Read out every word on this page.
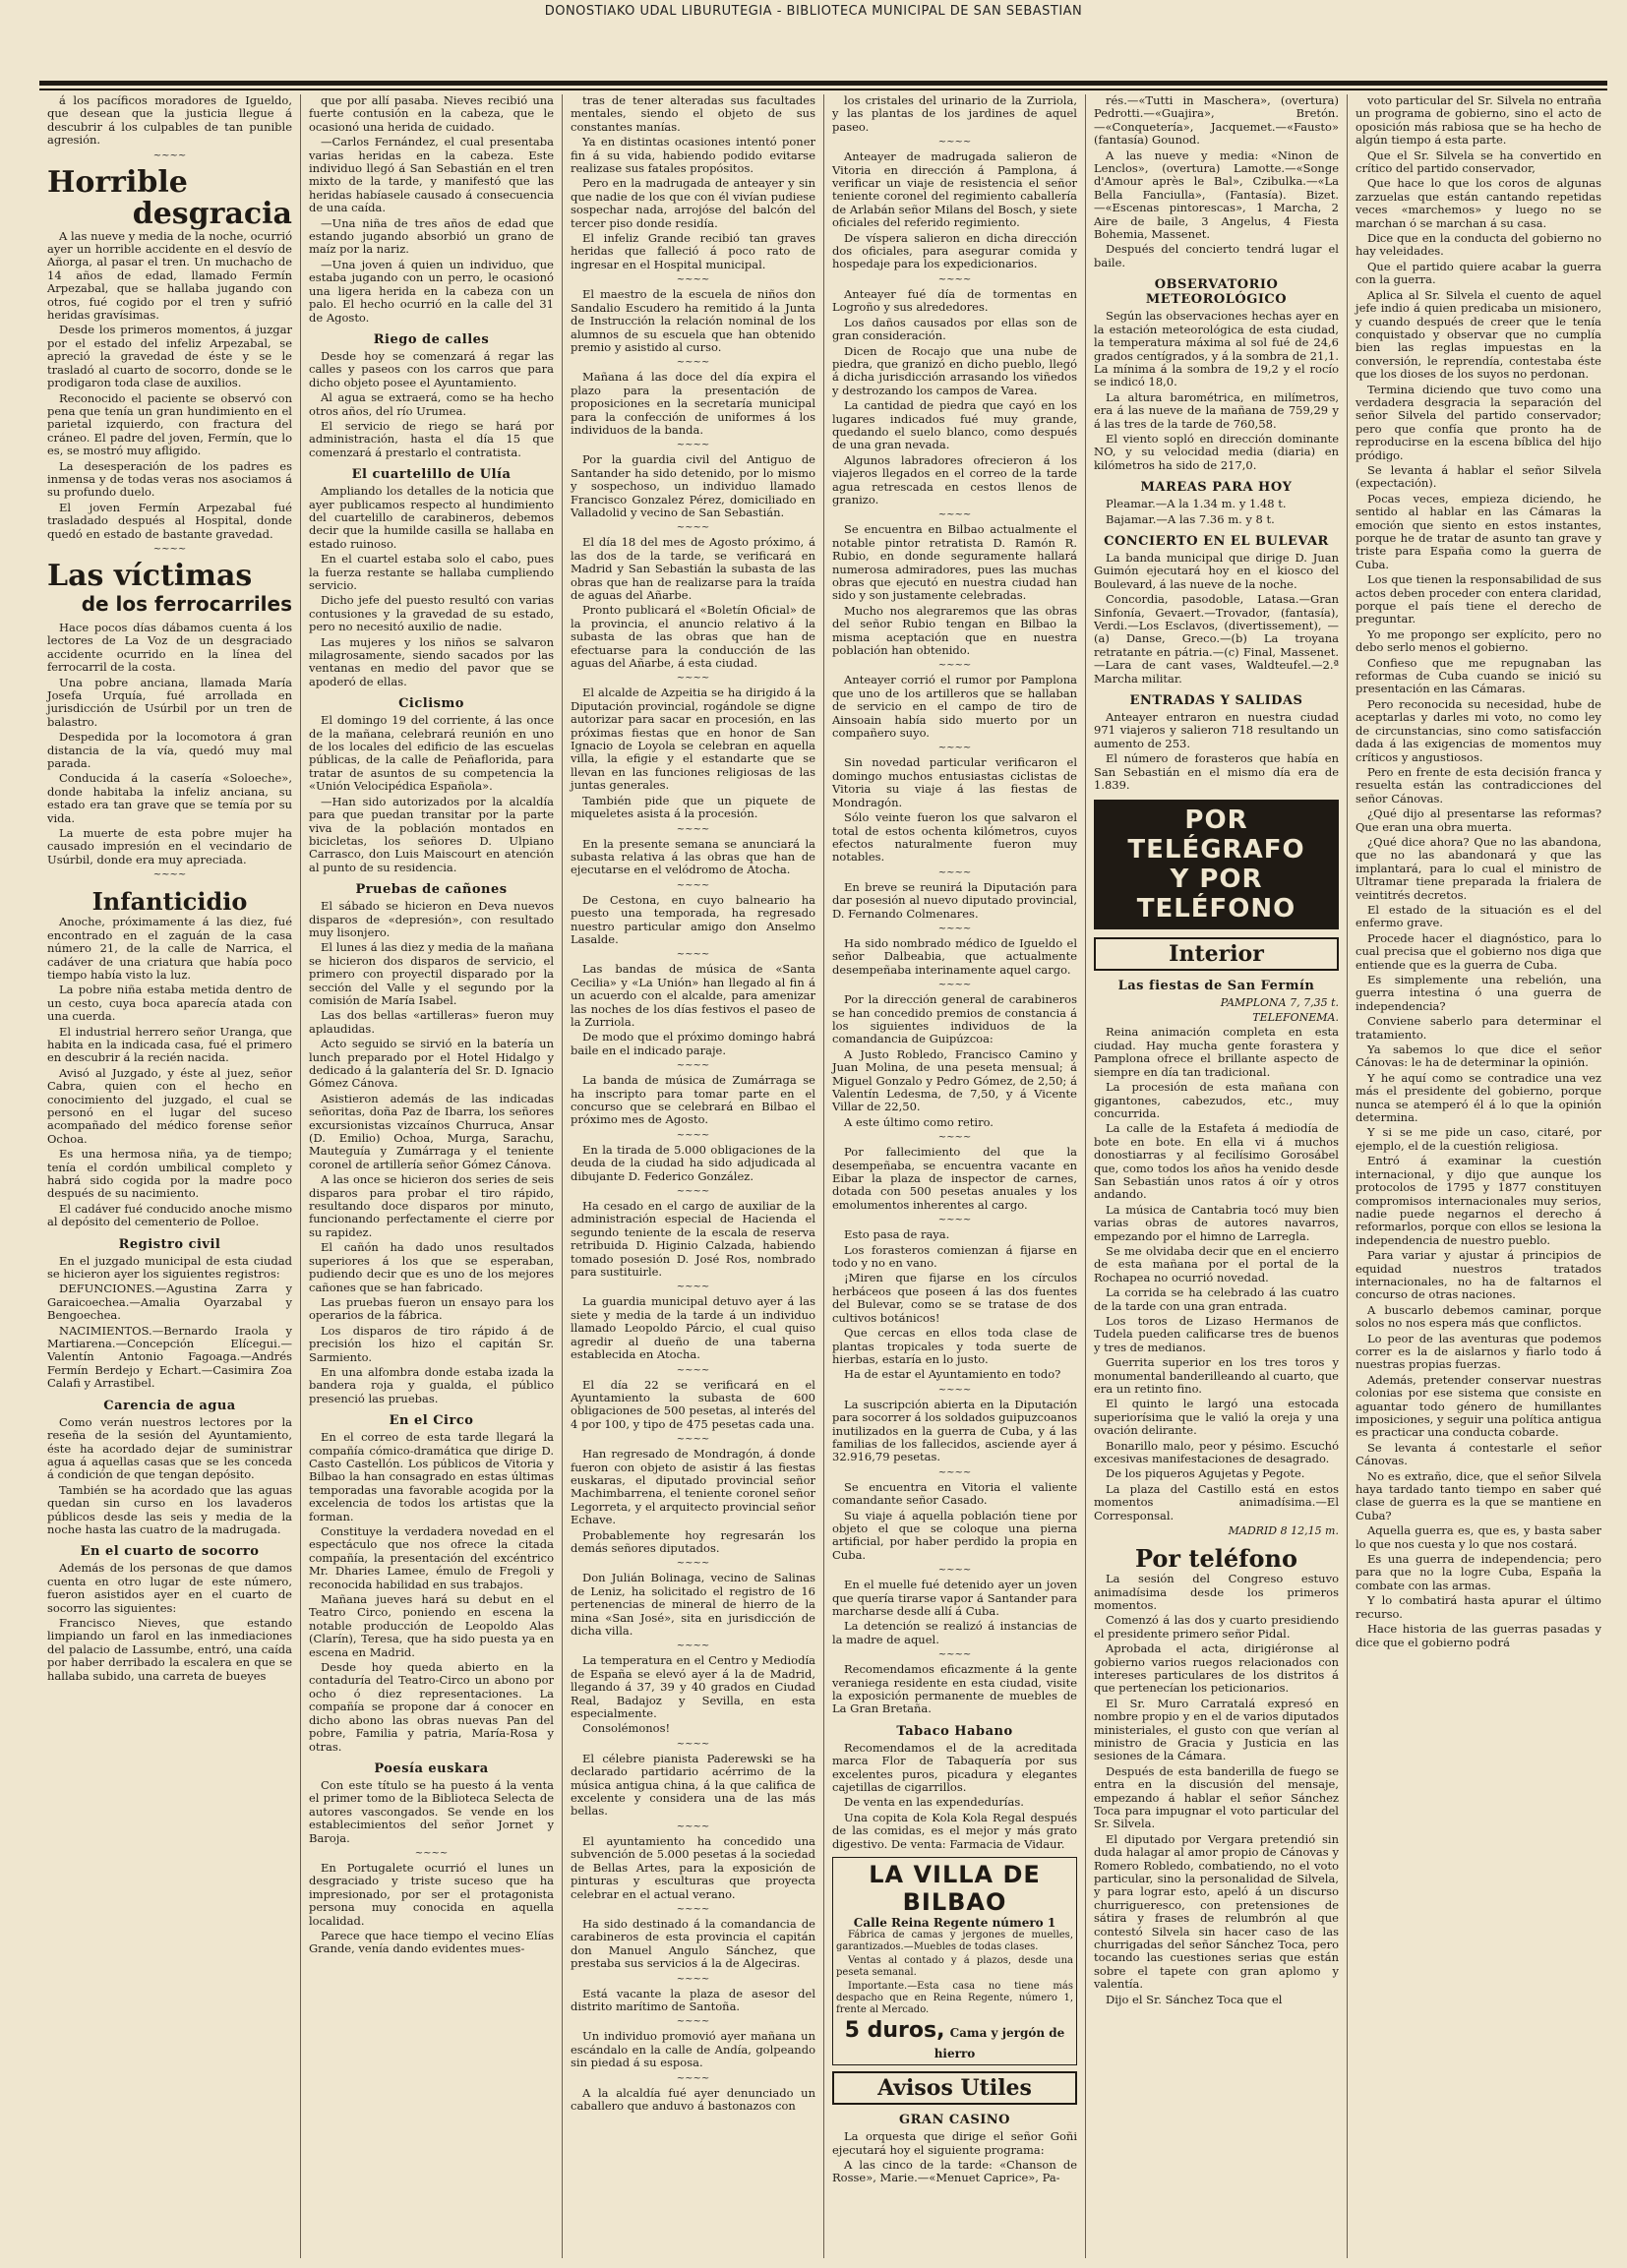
DONOSTIAKO UDAL LIBURUTEGIA - BIBLIOTECA MUNICIPAL DE SAN SEBASTIAN

á los pacíficos moradores de Igueldo, que desean que la justicia llegue á descubrir á los culpables de tan punible agresión.

~~~~
Horrible
desgracia

A las nueve y media de la noche, ocurrió ayer un horrible accidente en el desvío de Añorga, al pasar el tren. Un muchacho de 14 años de edad, llamado Fermín Arpezabal, que se hallaba jugando con otros, fué cogido por el tren y sufrió heridas gravísimas.

Desde los primeros momentos, á juzgar por el estado del infeliz Arpezabal, se apreció la gravedad de éste y se le trasladó al cuarto de socorro, donde se le prodigaron toda clase de auxilios.

Reconocido el paciente se observó con pena que tenía un gran hundimiento en el parietal izquierdo, con fractura del cráneo. El padre del joven, Fermín, que lo es, se mostró muy afligido.

La desesperación de los padres es inmensa y de todas veras nos asociamos á su profundo duelo.

El joven Fermín Arpezabal fué trasladado después al Hospital, donde quedó en estado de bastante gravedad.

~~~~
Las víctimas
de los ferrocarriles

Hace pocos días dábamos cuenta á los lectores de La Voz de un desgraciado accidente ocurrido en la línea del ferrocarril de la costa.

Una pobre anciana, llamada María Josefa Urquía, fué arrollada en jurisdicción de Usúrbil por un tren de balastro.

Despedida por la locomotora á gran distancia de la vía, quedó muy mal parada.

Conducida á la casería «Soloeche», donde habitaba la infeliz anciana, su estado era tan grave que se temía por su vida.

La muerte de esta pobre mujer ha causado impresión en el vecindario de Usúrbil, donde era muy apreciada.

~~~~
Infanticidio

Anoche, próximamente á las diez, fué encontrado en el zaguán de la casa número 21, de la calle de Narrica, el cadáver de una criatura que había poco tiempo había visto la luz.

La pobre niña estaba metida dentro de un cesto, cuya boca aparecía atada con una cuerda.

El industrial herrero señor Uranga, que habita en la indicada casa, fué el primero en descubrir á la recién nacida.

Avisó al Juzgado, y éste al juez, señor Cabra, quien con el hecho en conocimiento del juzgado, el cual se personó en el lugar del suceso acompañado del médico forense señor Ochoa.

Es una hermosa niña, ya de tiempo; tenía el cordón umbilical completo y habrá sido cogida por la madre poco después de su nacimiento.

El cadáver fué conducido anoche mismo al depósito del cementerio de Polloe.

Registro civil

En el juzgado municipal de esta ciudad se hicieron ayer los siguientes registros:

DEFUNCIONES.—Agustina Zarra y Garaicoechea.—Amalia Oyarzabal y Bengoechea.

NACIMIENTOS.—Bernardo Iraola y Martiarena.—Concepción Elícegui.—Valentín Antonio Fagoaga.—Andrés Fermín Berdejo y Echart.—Casimira Zoa Calafi y Arrastibel.

Carencia de agua

Como verán nuestros lectores por la reseña de la sesión del Ayuntamiento, éste ha acordado dejar de suministrar agua á aquellas casas que se les conceda á condición de que tengan depósito.

También se ha acordado que las aguas quedan sin curso en los lavaderos públicos desde las seis y media de la noche hasta las cuatro de la madrugada.

En el cuarto de socorro

Además de los personas de que damos cuenta en otro lugar de este número, fueron asistidos ayer en el cuarto de socorro las siguientes:

Francisco Nieves, que estando limpiando un farol en las inmediaciones del palacio de Lassumbe, entró, una caída por haber derribado la escalera en que se hallaba subido, una carreta de bueyes

que por allí pasaba. Nieves recibió una fuerte contusión en la cabeza, que le ocasionó una herida de cuidado.

—Carlos Fernández, el cual presentaba varias heridas en la cabeza. Este individuo llegó á San Sebastián en el tren mixto de la tarde, y manifestó que las heridas habíasele causado á consecuencia de una caída.

—Una niña de tres años de edad que estando jugando absorbió un grano de maíz por la nariz.

—Una joven á quien un individuo, que estaba jugando con un perro, le ocasionó una ligera herida en la cabeza con un palo. El hecho ocurrió en la calle del 31 de Agosto.

Riego de calles

Desde hoy se comenzará á regar las calles y paseos con los carros que para dicho objeto posee el Ayuntamiento.

Al agua se extraerá, como se ha hecho otros años, del río Urumea.

El servicio de riego se hará por administración, hasta el día 15 que comenzará á prestarlo el contratista.

El cuartelillo de Ulía

Ampliando los detalles de la noticia que ayer publicamos respecto al hundimiento del cuartelillo de carabineros, debemos decir que la humilde casilla se hallaba en estado ruinoso.

En el cuartel estaba solo el cabo, pues la fuerza restante se hallaba cumpliendo servicio.

Dicho jefe del puesto resultó con varias contusiones y la gravedad de su estado, pero no necesitó auxilio de nadie.

Las mujeres y los niños se salvaron milagrosamente, siendo sacados por las ventanas en medio del pavor que se apoderó de ellas.

Ciclismo

El domingo 19 del corriente, á las once de la mañana, celebrará reunión en uno de los locales del edificio de las escuelas públicas, de la calle de Peñaflorida, para tratar de asuntos de su competencia la «Unión Velocipédica Española».

—Han sido autorizados por la alcaldía para que puedan transitar por la parte viva de la población montados en bicicletas, los señores D. Ulpiano Carrasco, don Luis Maiscourt en atención al punto de su residencia.

Pruebas de cañones

El sábado se hicieron en Deva nuevos disparos de «depresión», con resultado muy lisonjero.

El lunes á las diez y media de la mañana se hicieron dos disparos de servicio, el primero con proyectil disparado por la sección del Valle y el segundo por la comisión de María Isabel.

Las dos bellas «artilleras» fueron muy aplaudidas.

Acto seguido se sirvió en la batería un lunch preparado por el Hotel Hidalgo y dedicado á la galantería del Sr. D. Ignacio Gómez Cánova.

Asistieron además de las indicadas señoritas, doña Paz de Ibarra, los señores excursionistas vizcaínos Churruca, Ansar (D. Emilio) Ochoa, Murga, Sarachu, Mauteguía y Zumárraga y el teniente coronel de artillería señor Gómez Cánova.

A las once se hicieron dos series de seis disparos para probar el tiro rápido, resultando doce disparos por minuto, funcionando perfectamente el cierre por su rapidez.

El cañón ha dado unos resultados superiores á los que se esperaban, pudiendo decir que es uno de los mejores cañones que se han fabricado.

Las pruebas fueron un ensayo para los operarios de la fábrica.

Los disparos de tiro rápido á de precisión los hizo el capitán Sr. Sarmiento.

En una alfombra donde estaba izada la bandera roja y gualda, el público presenció las pruebas.

En el Circo

En el correo de esta tarde llegará la compañía cómico-dramática que dirige D. Casto Castellón. Los públicos de Vitoria y Bilbao la han consagrado en estas últimas temporadas una favorable acogida por la excelencia de todos los artistas que la forman.

Constituye la verdadera novedad en el espectáculo que nos ofrece la citada compañía, la presentación del excéntrico Mr. Dharies Lamee, émulo de Fregoli y reconocida habilidad en sus trabajos.

Mañana jueves hará su debut en el Teatro Circo, poniendo en escena la notable producción de Leopoldo Alas (Clarín), Teresa, que ha sido puesta ya en escena en Madrid.

Desde hoy queda abierto en la contaduría del Teatro-Circo un abono por ocho ó diez representaciones. La compañía se propone dar á conocer en dicho abono las obras nuevas Pan del pobre, Familia y patria, María-Rosa y otras.

Poesía euskara

Con este título se ha puesto á la venta el primer tomo de la Biblioteca Selecta de autores vascongados. Se vende en los establecimientos del señor Jornet y Baroja.

~~~~

En Portugalete ocurrió el lunes un desgraciado y triste suceso que ha impresionado, por ser el protagonista persona muy conocida en aquella localidad.

Parece que hace tiempo el vecino Elías Grande, venía dando evidentes mues-

tras de tener alteradas sus facultades mentales, siendo el objeto de sus constantes manías.

Ya en distintas ocasiones intentó poner fin á su vida, habiendo podido evitarse realizase sus fatales propósitos.

Pero en la madrugada de anteayer y sin que nadie de los que con él vivían pudiese sospechar nada, arrojóse del balcón del tercer piso donde residía.

El infeliz Grande recibió tan graves heridas que falleció á poco rato de ingresar en el Hospital municipal.

~~~~

El maestro de la escuela de niños don Sandalio Escudero ha remitido á la Junta de Instrucción la relación nominal de los alumnos de su escuela que han obtenido premio y asistido al curso.

~~~~

Mañana á las doce del día expira el plazo para la presentación de proposiciones en la secretaría municipal para la confección de uniformes á los individuos de la banda.

~~~~

Por la guardia civil del Antiguo de Santander ha sido detenido, por lo mismo y sospechoso, un individuo llamado Francisco Gonzalez Pérez, domiciliado en Valladolid y vecino de San Sebastián.

~~~~

El día 18 del mes de Agosto próximo, á las dos de la tarde, se verificará en Madrid y San Sebastián la subasta de las obras que han de realizarse para la traída de aguas del Añarbe.

Pronto publicará el «Boletín Oficial» de la provincia, el anuncio relativo á la subasta de las obras que han de efectuarse para la conducción de las aguas del Añarbe, á esta ciudad.

~~~~

El alcalde de Azpeitia se ha dirigido á la Diputación provincial, rogándole se digne autorizar para sacar en procesión, en las próximas fiestas que en honor de San Ignacio de Loyola se celebran en aquella villa, la efigie y el estandarte que se llevan en las funciones religiosas de las juntas generales.

También pide que un piquete de miqueletes asista á la procesión.

~~~~

En la presente semana se anunciará la subasta relativa á las obras que han de ejecutarse en el velódromo de Atocha.

~~~~

De Cestona, en cuyo balneario ha puesto una temporada, ha regresado nuestro particular amigo don Anselmo Lasalde.

~~~~

Las bandas de música de «Santa Cecilia» y «La Unión» han llegado al fin á un acuerdo con el alcalde, para amenizar las noches de los días festivos el paseo de la Zurriola.

De modo que el próximo domingo habrá baile en el indicado paraje.

~~~~

La banda de música de Zumárraga se ha inscripto para tomar parte en el concurso que se celebrará en Bilbao el próximo mes de Agosto.

~~~~

En la tirada de 5.000 obligaciones de la deuda de la ciudad ha sido adjudicada al dibujante D. Federico González.

~~~~

Ha cesado en el cargo de auxiliar de la administración especial de Hacienda el segundo teniente de la escala de reserva retribuida D. Higinio Calzada, habiendo tomado posesión D. José Ros, nombrado para sustituirle.

~~~~

La guardia municipal detuvo ayer á las siete y media de la tarde á un individuo llamado Leopoldo Párcio, el cual quiso agredir al dueño de una taberna establecida en Atocha.

~~~~

El día 22 se verificará en el Ayuntamiento la subasta de 600 obligaciones de 500 pesetas, al interés del 4 por 100, y tipo de 475 pesetas cada una.

~~~~

Han regresado de Mondragón, á donde fueron con objeto de asistir á las fiestas euskaras, el diputado provincial señor Machimbarrena, el teniente coronel señor Legorreta, y el arquitecto provincial señor Echave.

Probablemente hoy regresarán los demás señores diputados.

~~~~

Don Julián Bolinaga, vecino de Salinas de Leniz, ha solicitado el registro de 16 pertenencias de mineral de hierro de la mina «San José», sita en jurisdicción de dicha villa.

~~~~

La temperatura en el Centro y Mediodía de España se elevó ayer á la de Madrid, llegando á 37, 39 y 40 grados en Ciudad Real, Badajoz y Sevilla, en esta especialmente.

Consolémonos!

~~~~

El célebre pianista Paderewski se ha declarado partidario acérrimo de la música antigua china, á la que califica de excelente y considera una de las más bellas.

~~~~

El ayuntamiento ha concedido una subvención de 5.000 pesetas á la sociedad de Bellas Artes, para la exposición de pinturas y esculturas que proyecta celebrar en el actual verano.

~~~~

Ha sido destinado á la comandancia de carabineros de esta provincia el capitán don Manuel Angulo Sánchez, que prestaba sus servicios á la de Algeciras.

~~~~

Está vacante la plaza de asesor del distrito marítimo de Santoña.

~~~~

Un individuo promovió ayer mañana un escándalo en la calle de Andía, golpeando sin piedad á su esposa.

~~~~

A la alcaldía fué ayer denunciado un caballero que anduvo á bastonazos con

los cristales del urinario de la Zurriola, y las plantas de los jardines de aquel paseo.

~~~~

Anteayer de madrugada salieron de Vitoria en dirección á Pamplona, á verificar un viaje de resistencia el señor teniente coronel del regimiento caballería de Arlabán señor Milans del Bosch, y siete oficiales del referido regimiento.

De víspera salieron en dicha dirección dos oficiales, para asegurar comida y hospedaje para los expedicionarios.

~~~~

Anteayer fué día de tormentas en Logroño y sus alrededores.

Los daños causados por ellas son de gran consideración.

Dicen de Rocajo que una nube de piedra, que granizó en dicho pueblo, llegó á dicha jurisdicción arrasando los viñedos y destrozando los campos de Varea.

La cantidad de piedra que cayó en los lugares indicados fué muy grande, quedando el suelo blanco, como después de una gran nevada.

Algunos labradores ofrecieron á los viajeros llegados en el correo de la tarde agua retrescada en cestos llenos de granizo.

~~~~

Se encuentra en Bilbao actualmente el notable pintor retratista D. Ramón R. Rubio, en donde seguramente hallará numerosa admiradores, pues las muchas obras que ejecutó en nuestra ciudad han sido y son justamente celebradas.

Mucho nos alegraremos que las obras del señor Rubio tengan en Bilbao la misma aceptación que en nuestra población han obtenido.

~~~~

Anteayer corrió el rumor por Pamplona que uno de los artilleros que se hallaban de servicio en el campo de tiro de Ainsoain había sido muerto por un compañero suyo.

~~~~

Sin novedad particular verificaron el domingo muchos entusiastas ciclistas de Vitoria su viaje á las fiestas de Mondragón.

Sólo veinte fueron los que salvaron el total de estos ochenta kilómetros, cuyos efectos naturalmente fueron muy notables.

~~~~

En breve se reunirá la Diputación para dar posesión al nuevo diputado provincial, D. Fernando Colmenares.

~~~~

Ha sido nombrado médico de Igueldo el señor Dalbeabia, que actualmente desempeñaba interinamente aquel cargo.

~~~~

Por la dirección general de carabineros se han concedido premios de constancia á los siguientes individuos de la comandancia de Guipúzcoa:

A Justo Robledo, Francisco Camino y Juan Molina, de una peseta mensual; á Miguel Gonzalo y Pedro Gómez, de 2,50; á Valentín Ledesma, de 7,50, y á Vicente Villar de 22,50.

A este último como retiro.

~~~~

Por fallecimiento del que la desempeñaba, se encuentra vacante en Eibar la plaza de inspector de carnes, dotada con 500 pesetas anuales y los emolumentos inherentes al cargo.

~~~~

Esto pasa de raya.

Los forasteros comienzan á fijarse en todo y no en vano.

¡Miren que fijarse en los círculos herbáceos que poseen á las dos fuentes del Bulevar, como se se tratase de dos cultivos botánicos!

Que cercas en ellos toda clase de plantas tropicales y toda suerte de hierbas, estaría en lo justo.

Ha de estar el Ayuntamiento en todo?

~~~~

La suscripción abierta en la Diputación para socorrer á los soldados guipuzcoanos inutilizados en la guerra de Cuba, y á las familias de los fallecidos, asciende ayer á 32.916,79 pesetas.

~~~~

Se encuentra en Vitoria el valiente comandante señor Casado.

Su viaje á aquella población tiene por objeto el que se coloque una pierna artificial, por haber perdido la propia en Cuba.

~~~~

En el muelle fué detenido ayer un joven que quería tirarse vapor á Santander para marcharse desde allí á Cuba.

La detención se realizó á instancias de la madre de aquel.

~~~~

Recomendamos eficazmente á la gente veraniega residente en esta ciudad, visite la exposición permanente de muebles de La Gran Bretaña.

Tabaco Habano

Recomendamos el de la acreditada marca Flor de Tabaquería por sus excelentes puros, picadura y elegantes cajetillas de cigarrillos.

De venta en las expendedurías.

Una copita de Kola Kola Regal después de las comidas, es el mejor y más grato digestivo. De venta: Farmacia de Vidaur.

LA VILLA DE BILBAO
Calle Reina Regente número 1

Fábrica de camas y jergones de muelles, garantizados.—Muebles de todas clases.

Ventas al contado y á plazos, desde una peseta semanal.

Importante.—Esta casa no tiene más despacho que en Reina Regente, número 1, frente al Mercado.

5 duros, Cama y jergón de hierro
Avisos Utiles
GRAN CASINO

La orquesta que dirige el señor Goñi ejecutará hoy el siguiente programa:

A las cinco de la tarde: «Chanson de Rosse», Marie.—«Menuet Caprice», Pa-

rés.—«Tutti in Maschera», (overtura) Pedrotti.—«Guajira», Bretón.—«Conquetería», Jacquemet.—«Fausto» (fantasía) Gounod.

A las nueve y media: «Ninon de Lenclos», (overtura) Lamotte.—«Songe d'Amour après le Bal», Czibulka.—«La Bella Fanciulla», (Fantasía). Bizet.—«Escenas pintorescas», 1 Marcha, 2 Aire de baile, 3 Angelus, 4 Fiesta Bohemia, Massenet.

Después del concierto tendrá lugar el baile.

OBSERVATORIO METEOROLÓGICO

Según las observaciones hechas ayer en la estación meteorológica de esta ciudad, la temperatura máxima al sol fué de 24,6 grados centígrados, y á la sombra de 21,1. La mínima á la sombra de 19,2 y el rocío se indicó 18,0.

La altura barométrica, en milímetros, era á las nueve de la mañana de 759,29 y á las tres de la tarde de 760,58.

El viento sopló en dirección dominante NO, y su velocidad media (diaria) en kilómetros ha sido de 217,0.

MAREAS PARA HOY

Pleamar.—A la 1.34 m. y 1.48 t.

Bajamar.—A las 7.36 m. y 8 t.

CONCIERTO EN EL BULEVAR

La banda municipal que dirige D. Juan Guimón ejecutará hoy en el kiosco del Boulevard, á las nueve de la noche.

Concordia, pasodoble, Latasa.—Gran Sinfonía, Gevaert.—Trovador, (fantasía), Verdi.—Los Esclavos, (divertissement), —(a) Danse, Greco.—(b) La troyana retratante en pátria.—(c) Final, Massenet.—Lara de cant vases, Waldteufel.—2.ª Marcha militar.

ENTRADAS Y SALIDAS

Anteayer entraron en nuestra ciudad 971 viajeros y salieron 718 resultando un aumento de 253.

El número de forasteros que había en San Sebastián en el mismo día era de 1.839.

POR TELÉGRAFO
Y POR TELÉFONO
Interior
Las fiestas de San Fermín
PAMPLONA 7, 7,35 t.
TELEFONEMA.

Reina animación completa en esta ciudad. Hay mucha gente forastera y Pamplona ofrece el brillante aspecto de siempre en día tan tradicional.

La procesión de esta mañana con gigantones, cabezudos, etc., muy concurrida.

La calle de la Estafeta á mediodía de bote en bote. En ella vi á muchos donostiarras y al fecilísimo Gorosábel que, como todos los años ha venido desde San Sebastián unos ratos á oír y otros andando.

La música de Cantabria tocó muy bien varias obras de autores navarros, empezando por el himno de Larregla.

Se me olvidaba decir que en el encierro de esta mañana por el portal de la Rochapea no ocurrió novedad.

La corrida se ha celebrado á las cuatro de la tarde con una gran entrada.

Los toros de Lizaso Hermanos de Tudela pueden calificarse tres de buenos y tres de medianos.

Guerrita superior en los tres toros y monumental banderilleando al cuarto, que era un retinto fino.

El quinto le largó una estocada superiorísima que le valió la oreja y una ovación delirante.

Bonarillo malo, peor y pésimo. Escuchó excesivas manifestaciones de desagrado.

De los piqueros Agujetas y Pegote.

La plaza del Castillo está en estos momentos animadísima.—El Corresponsal.

MADRID 8 12,15 m.
Por teléfono

La sesión del Congreso estuvo animadísima desde los primeros momentos.

Comenzó á las dos y cuarto presidiendo el presidente primero señor Pidal.

Aprobada el acta, dirigiéronse al gobierno varios ruegos relacionados con intereses particulares de los distritos á que pertenecían los peticionarios.

El Sr. Muro Carratalá expresó en nombre propio y en el de varios diputados ministeriales, el gusto con que verían al ministro de Gracia y Justicia en las sesiones de la Cámara.

Después de esta banderilla de fuego se entra en la discusión del mensaje, empezando á hablar el señor Sánchez Toca para impugnar el voto particular del Sr. Silvela.

El diputado por Vergara pretendió sin duda halagar al amor propio de Cánovas y Romero Robledo, combatiendo, no el voto particular, sino la personalidad de Silvela, y para lograr esto, apeló á un discurso churrigueresco, con pretensiones de sátira y frases de relumbrón al que contestó Silvela sin hacer caso de las churrigadas del señor Sánchez Toca, pero tocando las cuestiones serias que están sobre el tapete con gran aplomo y valentía.

Dijo el Sr. Sánchez Toca que el

voto particular del Sr. Silvela no entraña un programa de gobierno, sino el acto de oposición más rabiosa que se ha hecho de algún tiempo á esta parte.

Que el Sr. Silvela se ha convertido en crítico del partido conservador,

Que hace lo que los coros de algunas zarzuelas que están cantando repetidas veces «marchemos» y luego no se marchan ó se marchan á su casa.

Dice que en la conducta del gobierno no hay veleidades.

Que el partido quiere acabar la guerra con la guerra.

Aplica al Sr. Silvela el cuento de aquel jefe indio á quien predicaba un misionero, y cuando después de creer que le tenía conquistado y observar que no cumplía bien las reglas impuestas en la conversión, le reprendía, contestaba éste que los dioses de los suyos no perdonan.

Termina diciendo que tuvo como una verdadera desgracia la separación del señor Silvela del partido conservador; pero que confía que pronto ha de reproducirse en la escena bíblica del hijo pródigo.

Se levanta á hablar el señor Silvela (expectación).

Pocas veces, empieza diciendo, he sentido al hablar en las Cámaras la emoción que siento en estos instantes, porque he de tratar de asunto tan grave y triste para España como la guerra de Cuba.

Los que tienen la responsabilidad de sus actos deben proceder con entera claridad, porque el país tiene el derecho de preguntar.

Yo me propongo ser explícito, pero no debo serlo menos el gobierno.

Confieso que me repugnaban las reformas de Cuba cuando se inició su presentación en las Cámaras.

Pero reconocida su necesidad, hube de aceptarlas y darles mi voto, no como ley de circunstancias, sino como satisfacción dada á las exigencias de momentos muy críticos y angustiosos.

Pero en frente de esta decisión franca y resuelta están las contradicciones del señor Cánovas.

¿Qué dijo al presentarse las reformas? Que eran una obra muerta.

¿Qué dice ahora? Que no las abandona, que no las abandonará y que las implantará, para lo cual el ministro de Ultramar tiene preparada la frialera de veintitrés decretos.

El estado de la situación es el del enfermo grave.

Procede hacer el diagnóstico, para lo cual precisa que el gobierno nos diga que entiende que es la guerra de Cuba.

Es simplemente una rebelión, una guerra intestina ó una guerra de independencia?

Conviene saberlo para determinar el tratamiento.

Ya sabemos lo que dice el señor Cánovas: le ha de determinar la opinión.

Y he aquí como se contradice una vez más el presidente del gobierno, porque nunca se atemperó él á lo que la opinión determina.

Y si se me pide un caso, citaré, por ejemplo, el de la cuestión religiosa.

Entró á examinar la cuestión internacional, y dijo que aunque los protocolos de 1795 y 1877 constituyen compromisos internacionales muy serios, nadie puede negarnos el derecho á reformarlos, porque con ellos se lesiona la independencia de nuestro pueblo.

Para variar y ajustar á principios de equidad nuestros tratados internacionales, no ha de faltarnos el concurso de otras naciones.

A buscarlo debemos caminar, porque solos no nos espera más que conflictos.

Lo peor de las aventuras que podemos correr es la de aislarnos y fiarlo todo á nuestras propias fuerzas.

Además, pretender conservar nuestras colonias por ese sistema que consiste en aguantar todo género de humillantes imposiciones, y seguir una política antigua es practicar una conducta cobarde.

Se levanta á contestarle el señor Cánovas.

No es extraño, dice, que el señor Silvela haya tardado tanto tiempo en saber qué clase de guerra es la que se mantiene en Cuba?

Aquella guerra es, que es, y basta saber lo que nos cuesta y lo que nos costará.

Es una guerra de independencia; pero para que no la logre Cuba, España la combate con las armas.

Y lo combatirá hasta apurar el último recurso.

Hace historia de las guerras pasadas y dice que el gobierno podrá
